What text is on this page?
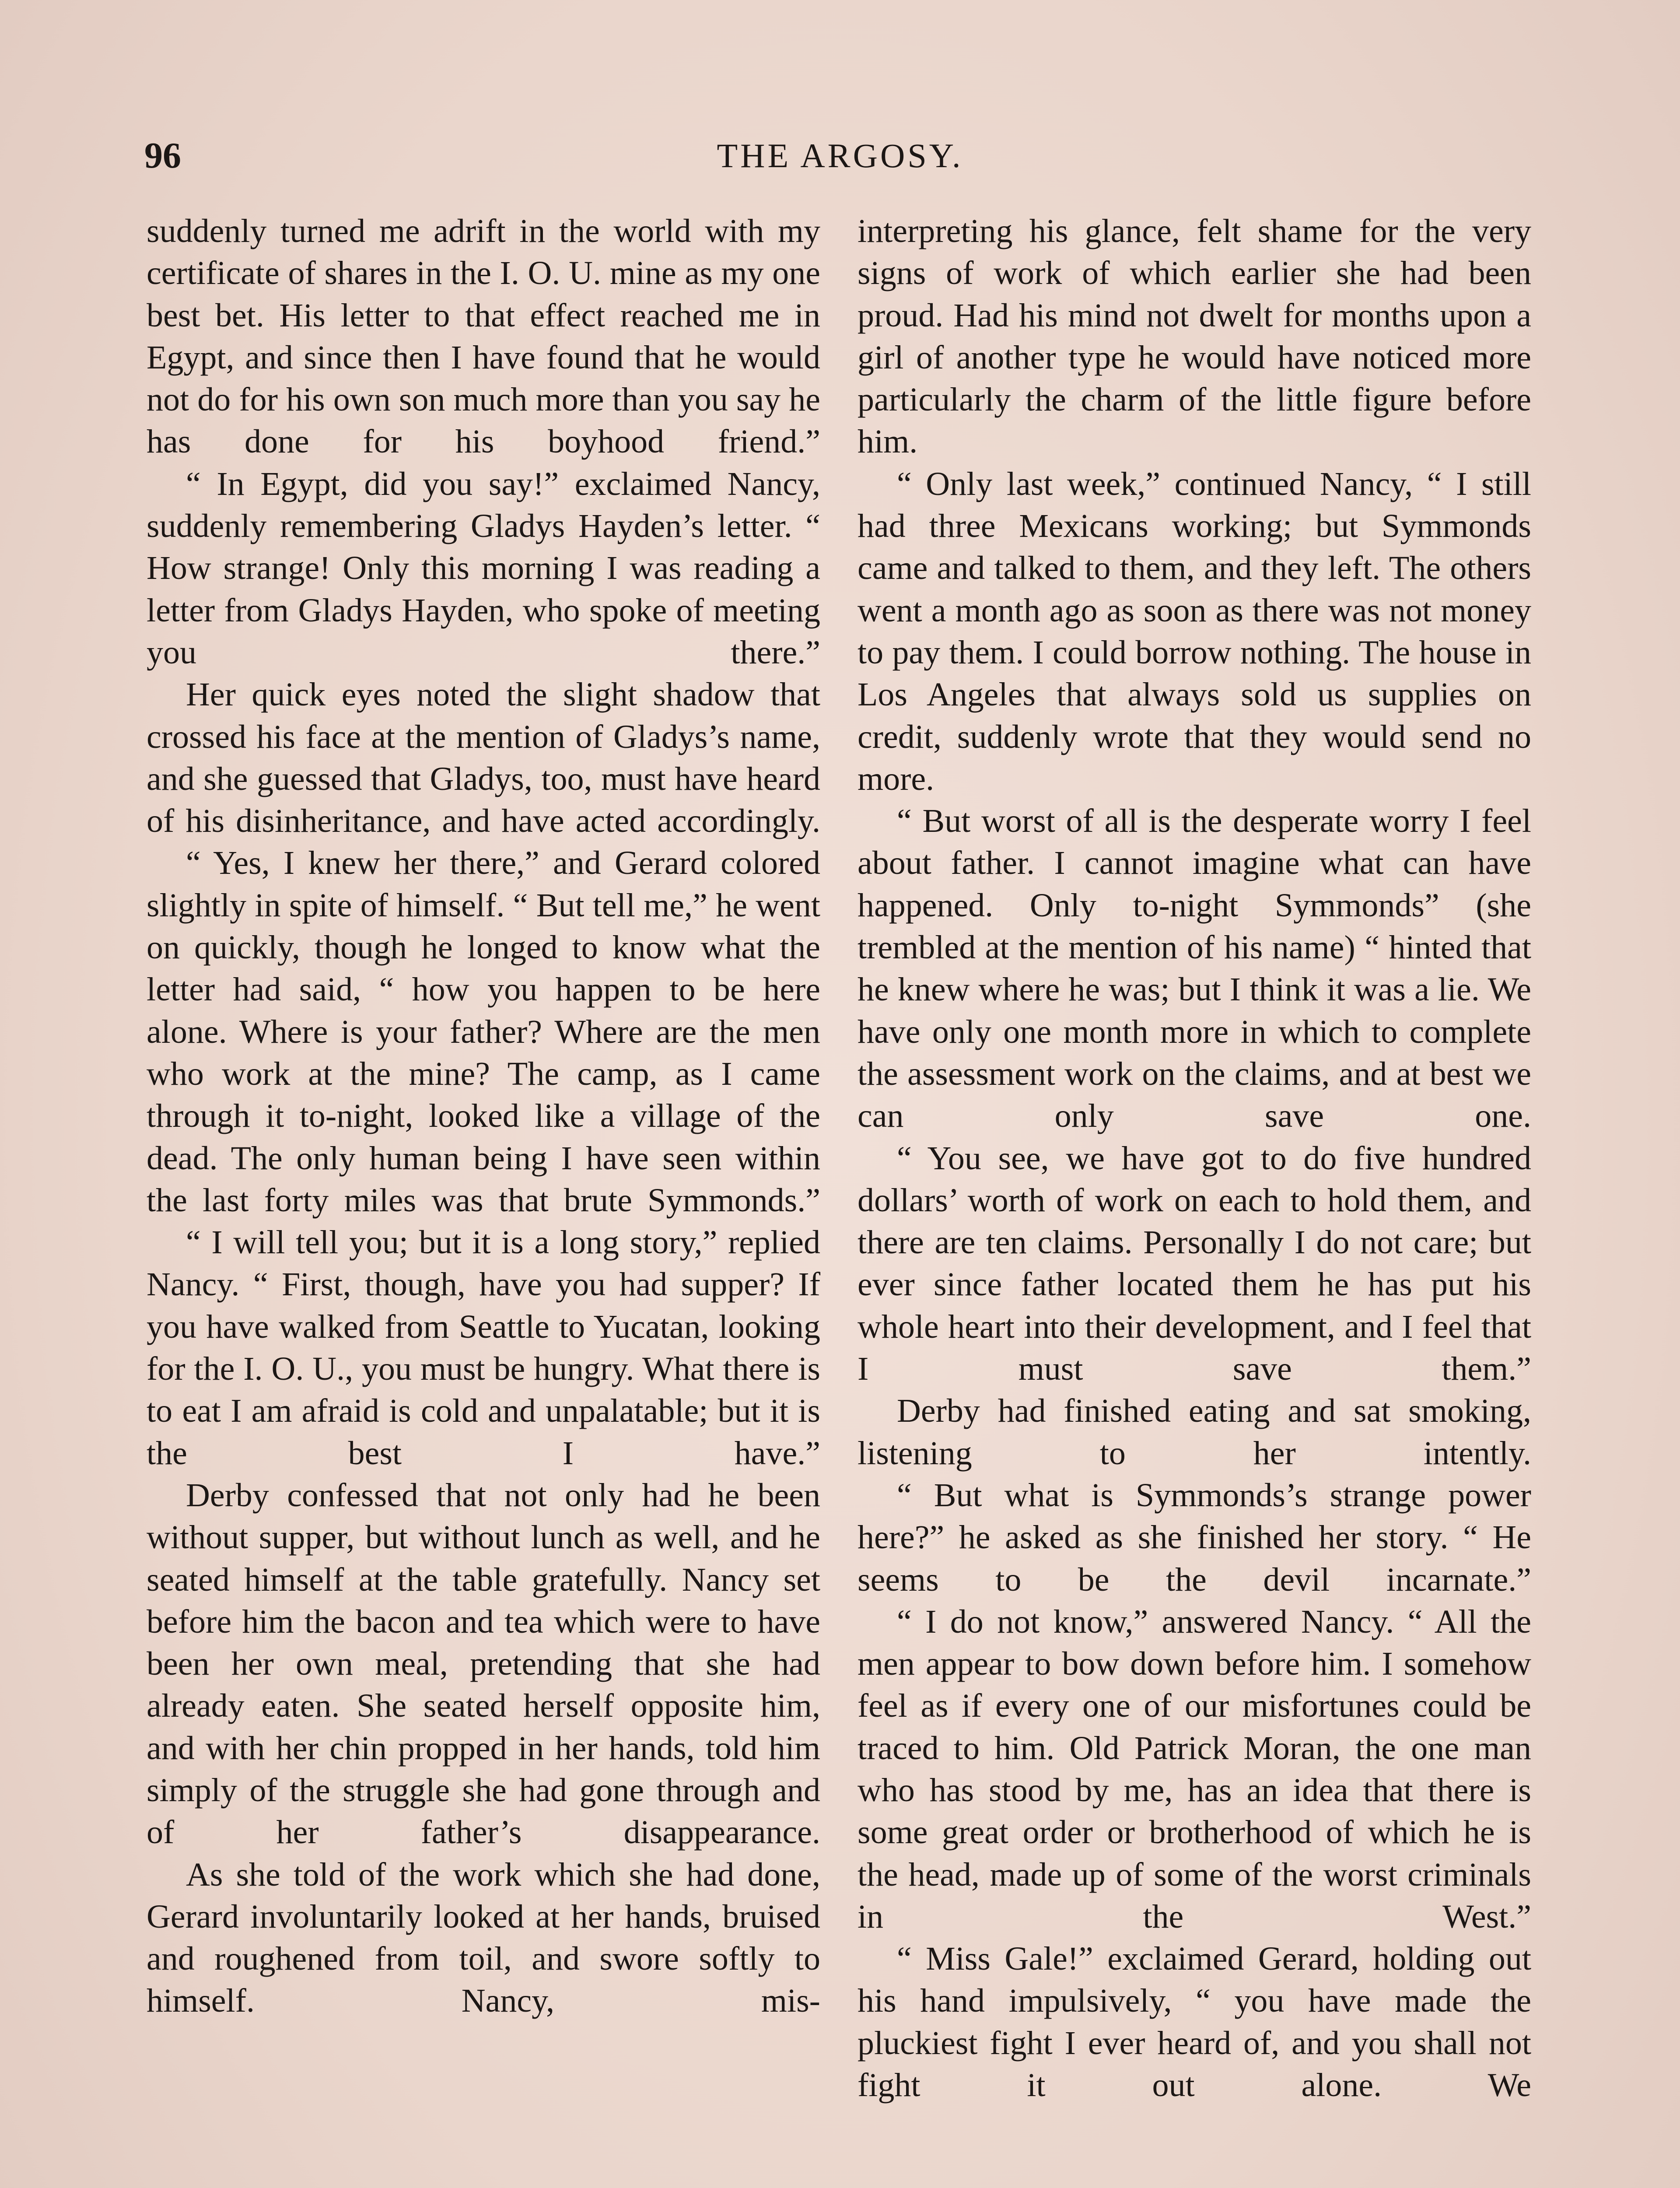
96	THE ARGOSY.

suddenly turned me adrift in the world with my certificate of shares in the I. O. U. mine as my one best bet. His letter to that effect reached me in Egypt, and since then I have found that he would not do for his own son much more than you say he has done for his boyhood friend.”

“ In Egypt, did you say!” exclaimed Nancy, suddenly remembering Gladys Hayden’s letter. “ How strange! Only this morning I was reading a letter from Gladys Hayden, who spoke of meeting you there.”

Her quick eyes noted the slight shadow that crossed his face at the mention of Gladys’s name, and she guessed that Gladys, too, must have heard of his disinheritance, and have acted accordingly.

“ Yes, I knew her there,” and Gerard colored slightly in spite of himself. “ But tell me,” he went on quickly, though he longed to know what the letter had said, “ how you happen to be here alone. Where is your father? Where are the men who work at the mine? The camp, as I came through it to-night, looked like a village of the dead. The only human being I have seen within the last forty miles was that brute Symmonds.”

“ I will tell you; but it is a long story,” replied Nancy. “ First, though, have you had supper? If you have walked from Seattle to Yucatan, looking for the I. O. U., you must be hungry. What there is to eat I am afraid is cold and unpalatable; but it is the best I have.”

Derby confessed that not only had he been without supper, but without lunch as well, and he seated himself at the table gratefully. Nancy set before him the bacon and tea which were to have been her own meal, pretending that she had already eaten. She seated herself opposite him, and with her chin propped in her hands, told him simply of the struggle she had gone through and of her father’s disappearance.

As she told of the work which she had done, Gerard involuntarily looked at her hands, bruised and roughened from toil, and swore softly to himself. Nancy, mis-

interpreting his glance, felt shame for the very signs of work of which earlier she had been proud. Had his mind not dwelt for months upon a girl of another type he would have noticed more particularly the charm of the little figure before him.

“ Only last week,” continued Nancy, “ I still had three Mexicans working; but Symmonds came and talked to them, and they left. The others went a month ago as soon as there was not money to pay them. I could borrow nothing. The house in Los Angeles that always sold us supplies on credit, suddenly wrote that they would send no more.

“ But worst of all is the desperate worry I feel about father. I cannot imagine what can have happened. Only to-night Symmonds” (she trembled at the mention of his name) “ hinted that he knew where he was; but I think it was a lie. We have only one month more in which to complete the assessment work on the claims, and at best we can only save one.

“ You see, we have got to do five hundred dollars’ worth of work on each to hold them, and there are ten claims. Personally I do not care; but ever since father located them he has put his whole heart into their development, and I feel that I must save them.”

Derby had finished eating and sat smoking, listening to her intently.

“ But what is Symmonds’s strange power here?” he asked as she finished her story. “ He seems to be the devil incarnate.”

“ I do not know,” answered Nancy. “ All the men appear to bow down before him. I somehow feel as if every one of our misfortunes could be traced to him. Old Patrick Moran, the one man who has stood by me, has an idea that there is some great order or brotherhood of which he is the head, made up of some of the worst criminals in the West.”

“ Miss Gale!” exclaimed Gerard, holding out his hand impulsively, “ you have made the pluckiest fight I ever heard of, and you shall not fight it out alone. We
